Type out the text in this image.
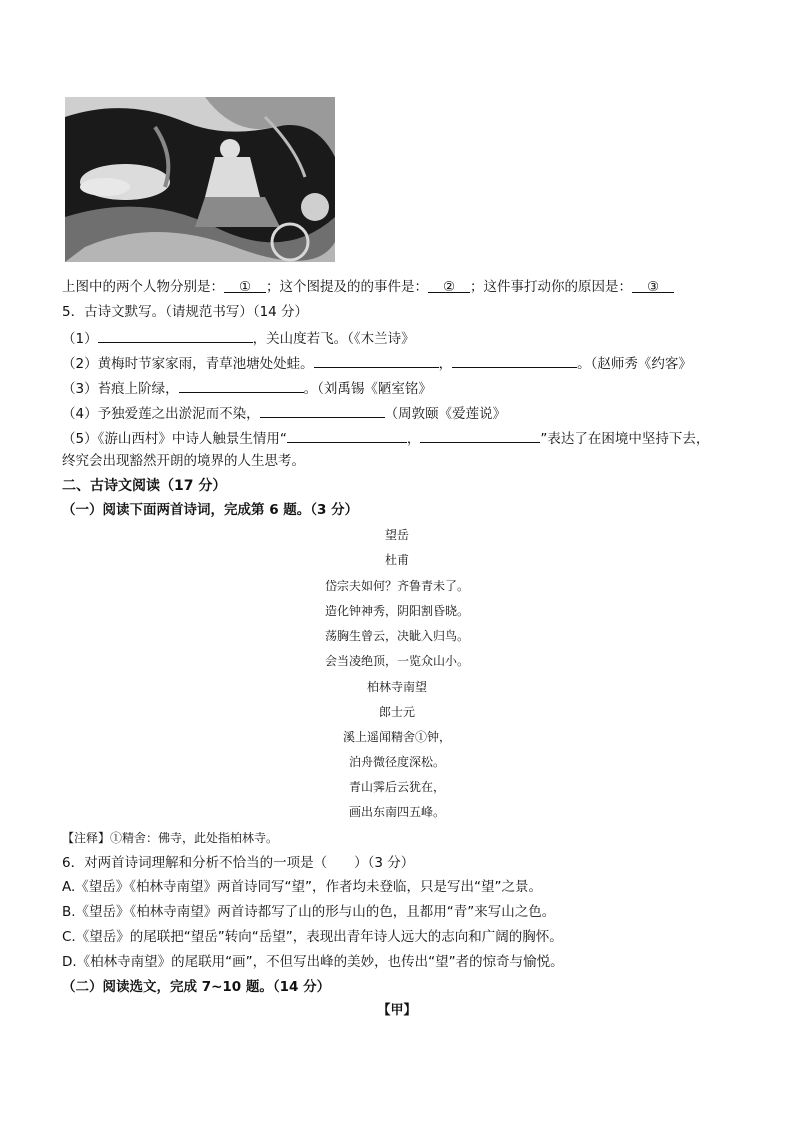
上图中的两个人物分别是： ① ；这个图提及的的事件是： ② ；这件事打动你的原因是： ③
5．古诗文默写。（请规范书写）（14 分）
（1）	，关山度若飞。（《木兰诗》
（2）黄梅时节家家雨，青草池塘处处蛙。	，	。（赵师秀《约客》
（3）苔痕上阶绿，	。（刘禹锡《陋室铭》
（4）予独爱莲之出淤泥而不染，	（周敦颐《爱莲说》
（5）《游山西村》中诗人触景生情用“	，	”表达了在困境中坚持下去，
终究会出现豁然开朗的境界的人生思考。
二、古诗文阅读（17 分）
（一）阅读下面两首诗词，完成第 6 题。（3 分）
望岳
杜甫
岱宗夫如何？齐鲁青未了。
造化钟神秀，阴阳割昏晓。
荡胸生曾云，决眦入归鸟。
会当凌绝顶，一览众山小。
柏林寺南望
郎士元
溪上遥闻精舍①钟，
泊舟微径度深松。
青山霁后云犹在，
画出东南四五峰。
【注释】①精舍：佛寺，此处指柏林寺。
6．对两首诗词理解和分析不恰当的一项是（　　）（3 分）
A.《望岳》《柏林寺南望》两首诗同写“望”，作者均未登临，只是写出“望”之景。
B.《望岳》《柏林寺南望》两首诗都写了山的形与山的色，且都用“青”来写山之色。
C.《望岳》的尾联把“望岳”转向“岳望”，表现出青年诗人远大的志向和广阔的胸怀。
D.《柏林寺南望》的尾联用“画”，不但写出峰的美妙，也传出“望”者的惊奇与愉悦。
（二）阅读选文，完成 7~10 题。（14 分）
【甲】
